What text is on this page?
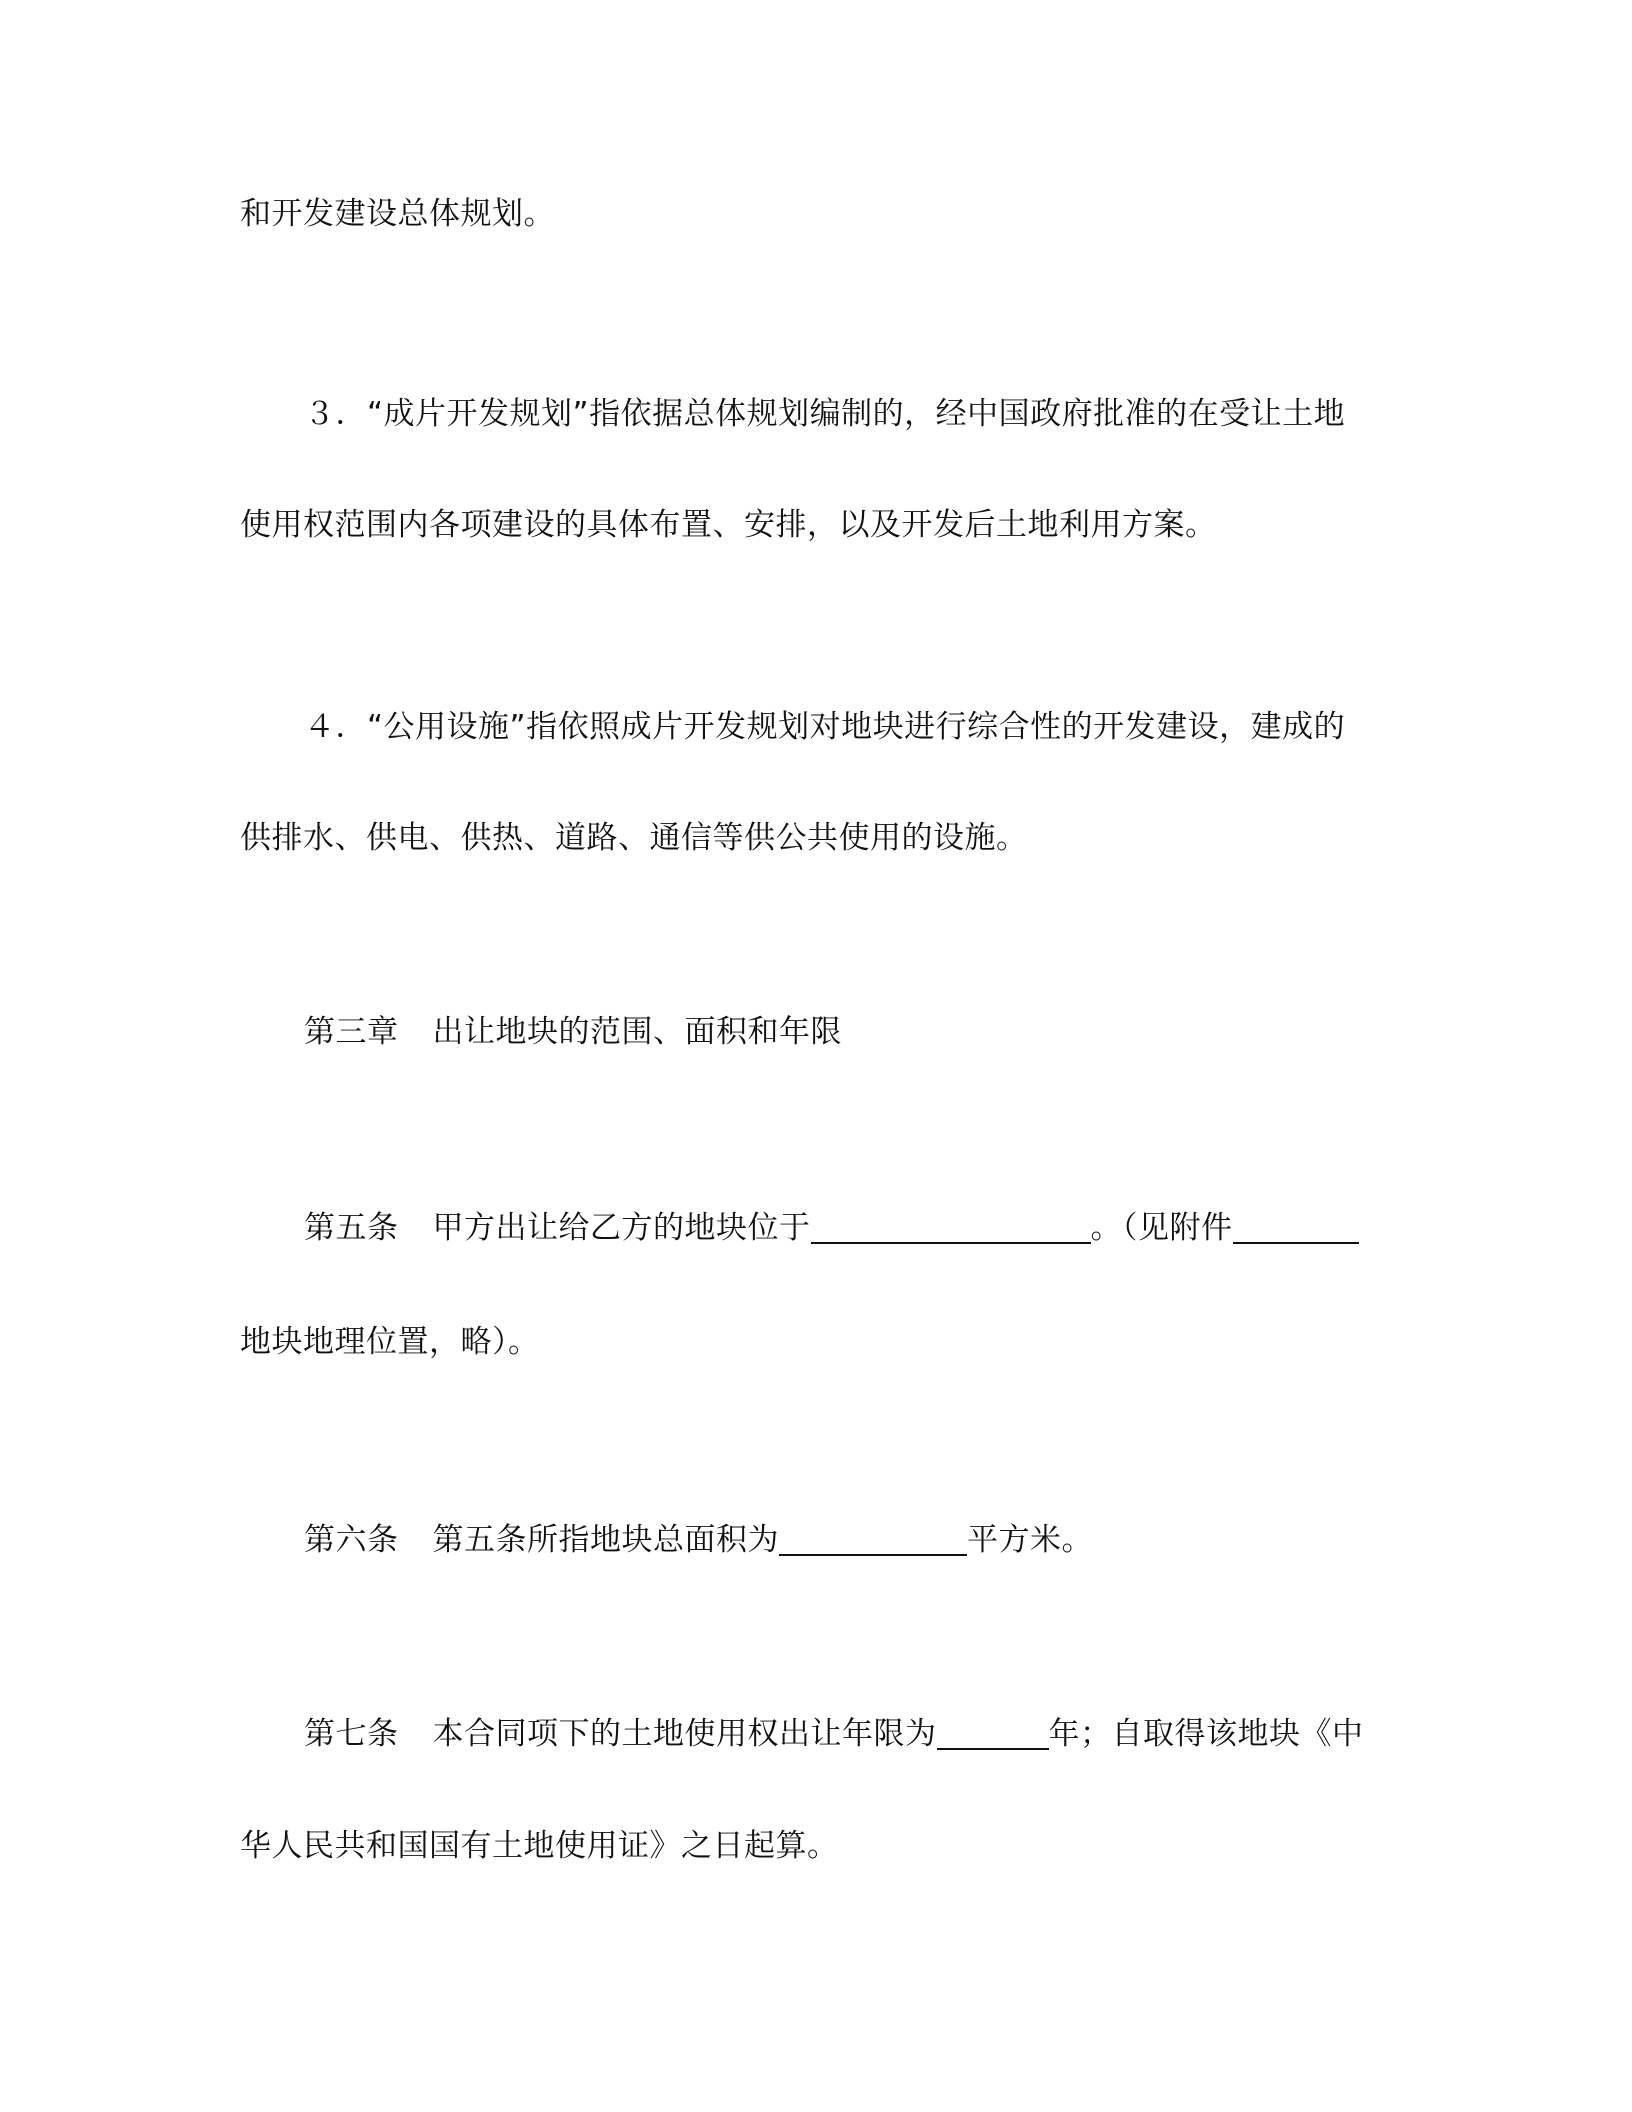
和开发建设总体规划。
３．“成片开发规划”指依据总体规划编制的，经中国政府批准的在受让土地
使用权范围内各项建设的具体布置、安排，以及开发后土地利用方案。
４．“公用设施”指依照成片开发规划对地块进行综合性的开发建设，建成的
供排水、供电、供热、道路、通信等供公共使用的设施。
第三章 出让地块的范围、面积和年限
第五条 甲方出让给乙方的地块位于	。（见附件
地块地理位置，略）。
第六条 第五条所指地块总面积为	平方米。
第七条 本合同项下的土地使用权出让年限为	年；自取得该地块《中
华人民共和国国有土地使用证》之日起算。
